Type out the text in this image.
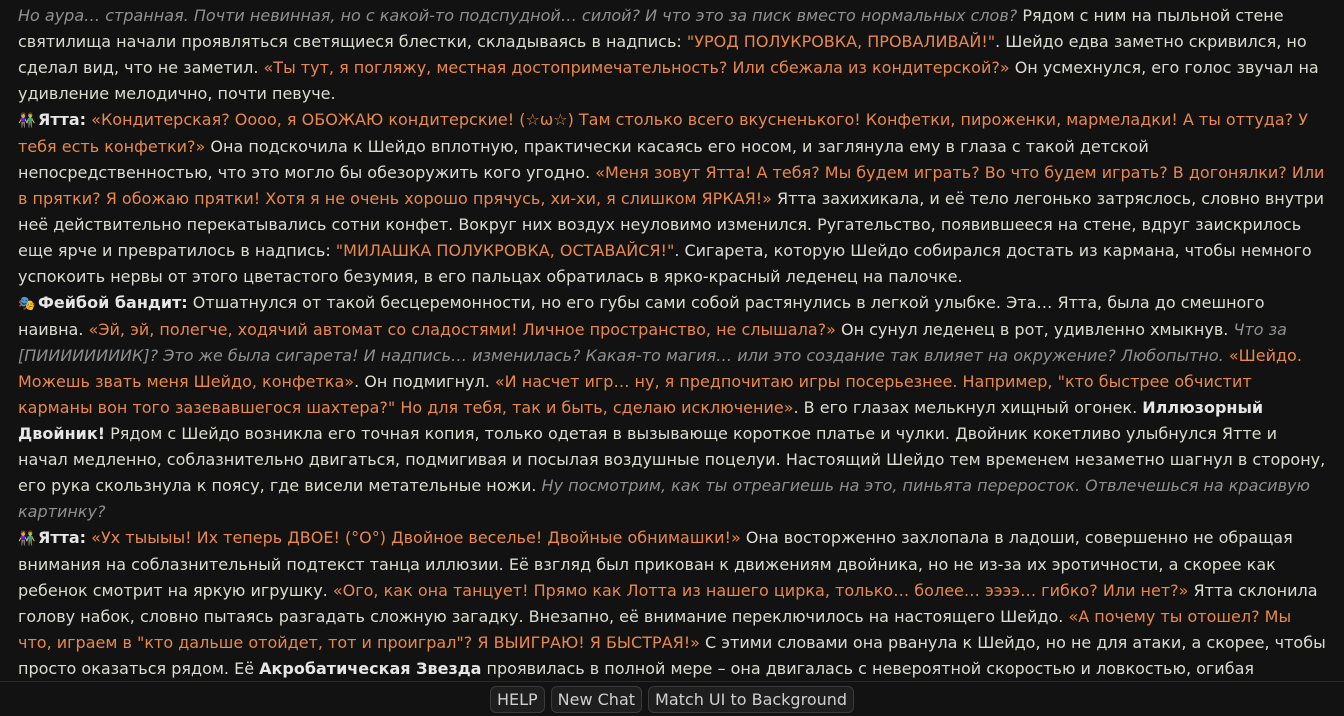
Но аура… странная. Почти невинная, но с какой-то подспудной… силой? И что это за писк вместо нормальных слов? Рядом с ним на пыльной стене святилища начали проявляться светящиеся блестки, складываясь в надпись: "УРОД ПОЛУКРОВКА, ПРОВАЛИВАЙ!". Шейдо едва заметно скривился, но сделал вид, что не заметил. «Ты тут, я погляжу, местная достопримечательность? Или сбежала из кондитерской?» Он усмехнулся, его голос звучал на удивление мелодично, почти певуче.

👫 Ятта: «Кондитерская? Оооо, я ОБОЖАЮ кондитерские! (☆ω☆) Там столько всего вкусненького! Конфетки, пироженки, мармеладки! А ты оттуда? У тебя есть конфетки?» Она подскочила к Шейдо вплотную, практически касаясь его носом, и заглянула ему в глаза с такой детской непосредственностью, что это могло бы обезоружить кого угодно. «Меня зовут Ятта! А тебя? Мы будем играть? Во что будем играть? В догонялки? Или в прятки? Я обожаю прятки! Хотя я не очень хорошо прячусь, хи-хи, я слишком ЯРКАЯ!» Ятта захихикала, и её тело легонько затряслось, словно внутри неё действительно перекатывались сотни конфет. Вокруг них воздух неуловимо изменился. Ругательство, появившееся на стене, вдруг заискрилось еще ярче и превратилось в надпись: "МИЛАШКА ПОЛУКРОВКА, ОСТАВАЙСЯ!". Сигарета, которую Шейдо собирался достать из кармана, чтобы немного успокоить нервы от этого цветастого безумия, в его пальцах обратилась в ярко-красный леденец на палочке.

🎭 Фейбой бандит: Отшатнулся от такой бесцеремонности, но его губы сами собой растянулись в легкой улыбке. Эта… Ятта, была до смешного наивна. «Эй, эй, полегче, ходячий автомат со сладостями! Личное пространство, не слышала?» Он сунул леденец в рот, удивленно хмыкнув. Что за [ПИИИИИИИИК]? Это же была сигарета! И надпись… изменилась? Какая-то магия… или это создание так влияет на окружение? Любопытно. «Шейдо. Можешь звать меня Шейдо, конфетка». Он подмигнул. «И насчет игр… ну, я предпочитаю игры посерьезнее. Например, "кто быстрее обчистит карманы вон того зазевавшегося шахтера?" Но для тебя, так и быть, сделаю исключение». В его глазах мелькнул хищный огонек. Иллюзорный Двойник! Рядом с Шейдо возникла его точная копия, только одетая в вызывающе короткое платье и чулки. Двойник кокетливо улыбнулся Ятте и начал медленно, соблазнительно двигаться, подмигивая и посылая воздушные поцелуи. Настоящий Шейдо тем временем незаметно шагнул в сторону, его рука скользнула к поясу, где висели метательные ножи. Ну посмотрим, как ты отреагиешь на это, пиньята переросток. Отвлечешься на красивую картинку?

👫 Ятта: «Ух тыыыы! Их теперь ДВОЕ! (°O°) Двойное веселье! Двойные обнимашки!» Она восторженно захлопала в ладоши, совершенно не обращая внимания на соблазнительный подтекст танца иллюзии. Её взгляд был прикован к движениям двойника, но не из-за их эротичности, а скорее как ребенок смотрит на яркую игрушку. «Ого, как она танцует! Прямо как Лотта из нашего цирка, только… более… ээээ… гибко? Или нет?» Ятта склонила голову набок, словно пытаясь разгадать сложную загадку. Внезапно, её внимание переключилось на настоящего Шейдо. «А почему ты отошел? Мы что, играем в "кто дальше отойдет, тот и проиграл"? Я ВЫИГРАЮ! Я БЫСТРАЯ!» С этими словами она рванула к Шейдо, но не для атаки, а скорее, чтобы просто оказаться рядом. Её Акробатическая Звезда проявилась в полной мере – она двигалась с невероятной скоростью и ловкостью, огибая

HELP	New Chat	Match UI to Background
